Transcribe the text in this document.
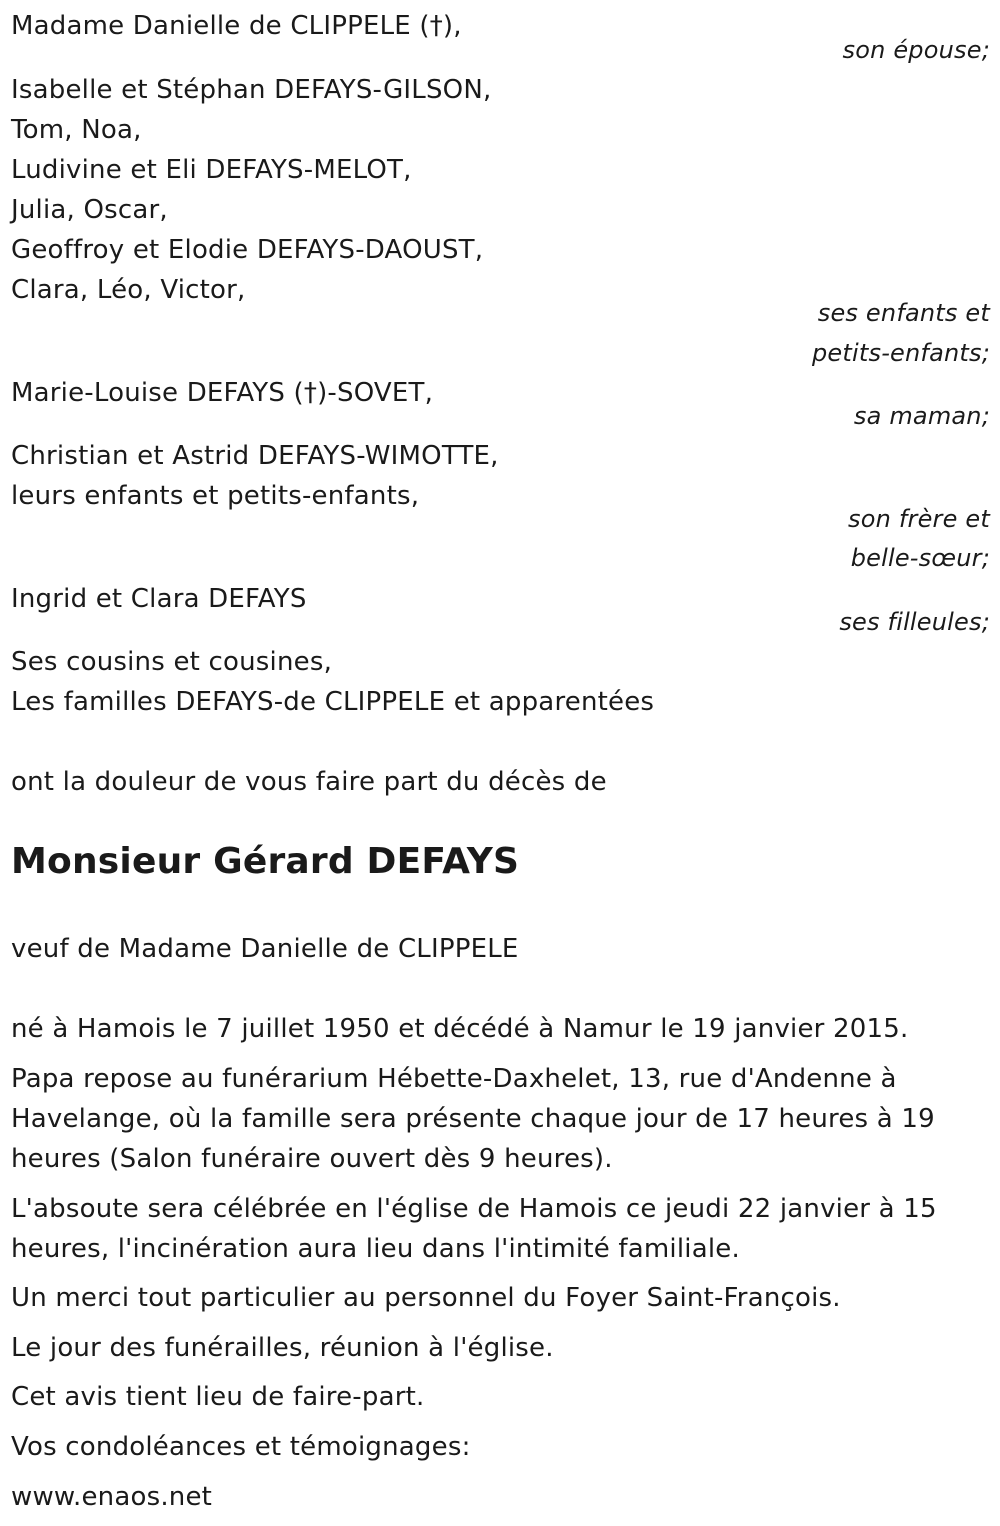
Madame Danielle de CLIPPELE (†),
son épouse;
Isabelle et Stéphan DEFAYS-GILSON,
Tom, Noa,
Ludivine et Eli DEFAYS-MELOT,
Julia, Oscar,
Geoffroy et Elodie DEFAYS-DAOUST,
Clara, Léo, Victor,
ses enfants et
petits-enfants;
Marie-Louise DEFAYS (†)-SOVET,
sa maman;
Christian et Astrid DEFAYS-WIMOTTE,
leurs enfants et petits-enfants,
son frère et
belle-sœur;
Ingrid et Clara DEFAYS
ses filleules;
Ses cousins et cousines,
Les familles DEFAYS-de CLIPPELE et apparentées
ont la douleur de vous faire part du décès de
Monsieur Gérard DEFAYS
veuf de Madame Danielle de CLIPPELE
né à Hamois le 7 juillet 1950 et décédé à Namur le 19 janvier 2015.
Papa repose au funérarium Hébette-Daxhelet, 13, rue d'Andenne à
Havelange, où la famille sera présente chaque jour de 17 heures à 19
heures (Salon funéraire ouvert dès 9 heures).
L'absoute sera célébrée en l'église de Hamois ce jeudi 22 janvier à 15
heures, l'incinération aura lieu dans l'intimité familiale.
Un merci tout particulier au personnel du Foyer Saint-François.
Le jour des funérailles, réunion à l'église.
Cet avis tient lieu de faire-part.
Vos condoléances et témoignages:
www.enaos.net
